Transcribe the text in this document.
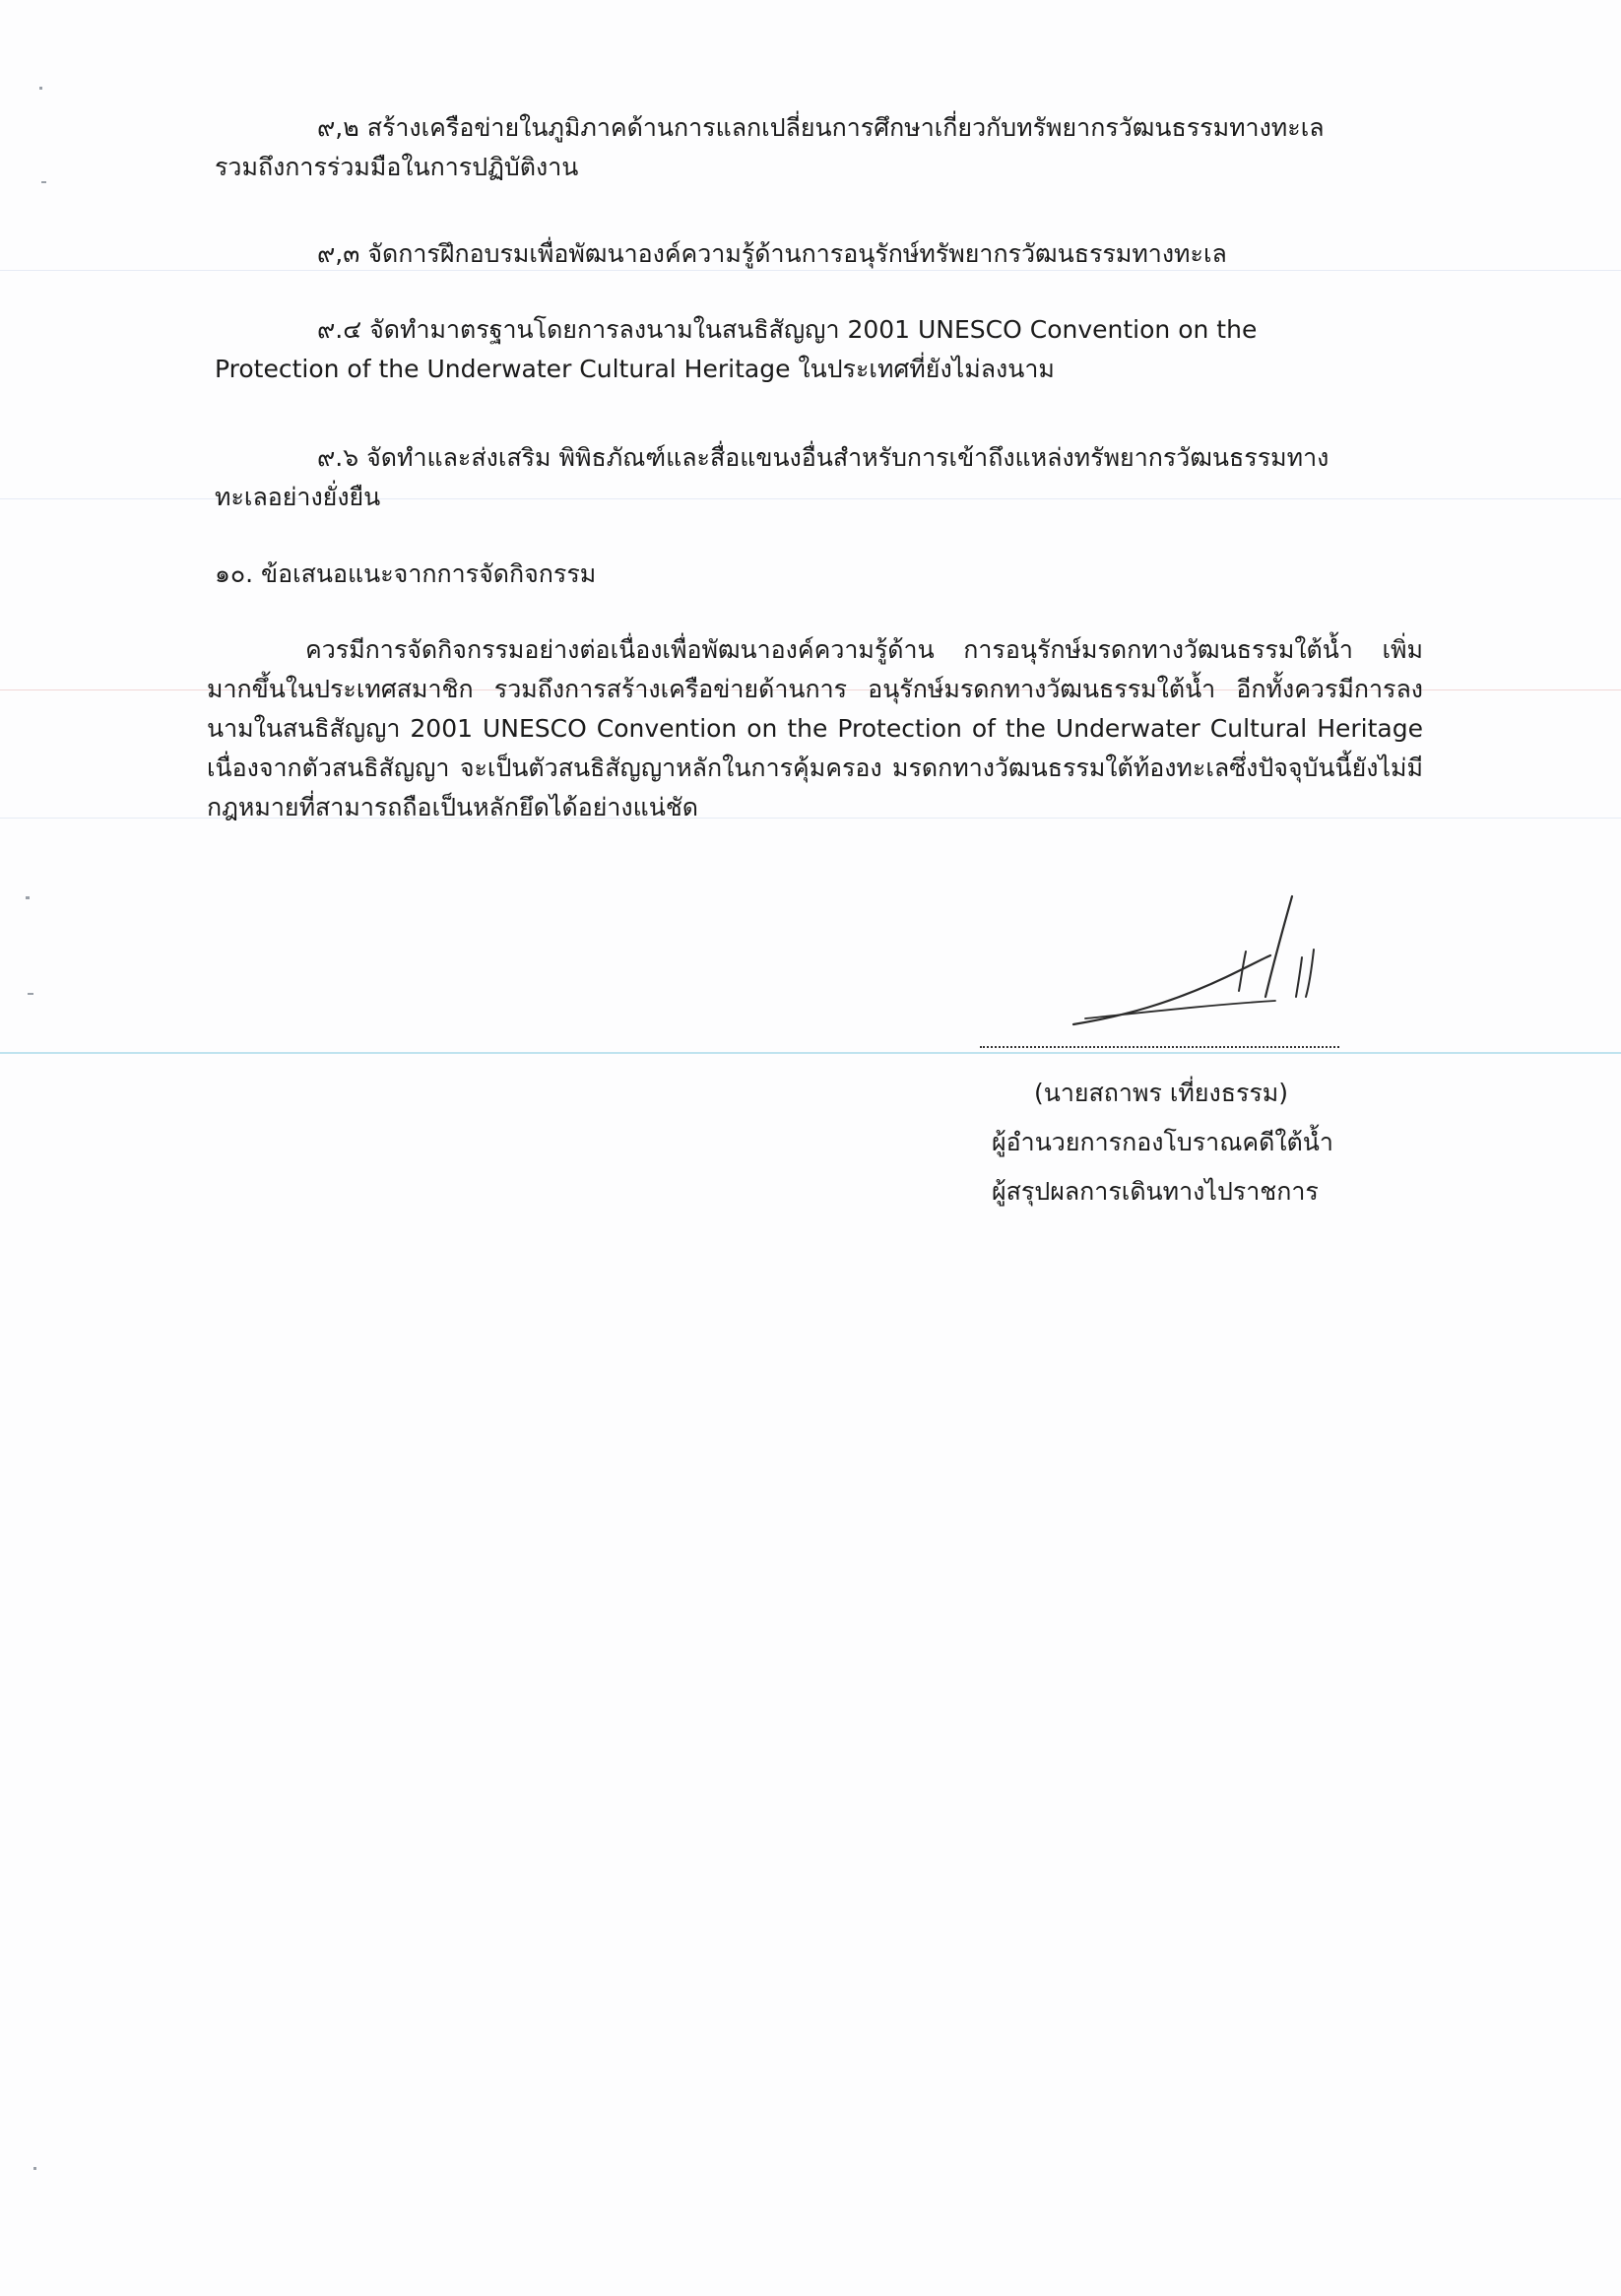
๙,๒ สร้างเครือข่ายในภูมิภาคด้านการแลกเปลี่ยนการศึกษาเกี่ยวกับทรัพยากรวัฒนธรรมทางทะเล
รวมถึงการร่วมมือในการปฏิบัติงาน
๙,๓ จัดการฝึกอบรมเพื่อพัฒนาองค์ความรู้ด้านการอนุรักษ์ทรัพยากรวัฒนธรรมทางทะเล
๙.๔ จัดทำมาตรฐานโดยการลงนามในสนธิสัญญา 2001 UNESCO Convention on the
Protection of the Underwater Cultural Heritage ในประเทศที่ยังไม่ลงนาม
๙.๖ จัดทำและส่งเสริม พิพิธภัณฑ์และสื่อแขนงอื่นสำหรับการเข้าถึงแหล่งทรัพยากรวัฒนธรรมทาง
ทะเลอย่างยั่งยืน
๑๐. ข้อเสนอแนะจากการจัดกิจกรรม
ควรมีการจัดกิจกรรมอย่างต่อเนื่องเพื่อพัฒนาองค์ความรู้ด้าน การอนุรักษ์มรดกทางวัฒนธรรมใต้น้ำ เพิ่มมากขึ้นในประเทศสมาชิก รวมถึงการสร้างเครือข่ายด้านการ อนุรักษ์มรดกทางวัฒนธรรมใต้น้ำ อีกทั้งควรมีการลงนามในสนธิสัญญา 2001 UNESCO Convention on the Protection of the Underwater Cultural Heritage เนื่องจากตัวสนธิสัญญา จะเป็นตัวสนธิสัญญาหลักในการคุ้มครอง มรดกทางวัฒนธรรมใต้ท้องทะเลซึ่งปัจจุบันนี้ยังไม่มีกฎหมายที่สามารถถือเป็นหลักยึดได้อย่างแน่ชัด
(นายสถาพร เที่ยงธรรม)
ผู้อำนวยการกองโบราณคดีใต้น้ำ
ผู้สรุปผลการเดินทางไปราชการ
